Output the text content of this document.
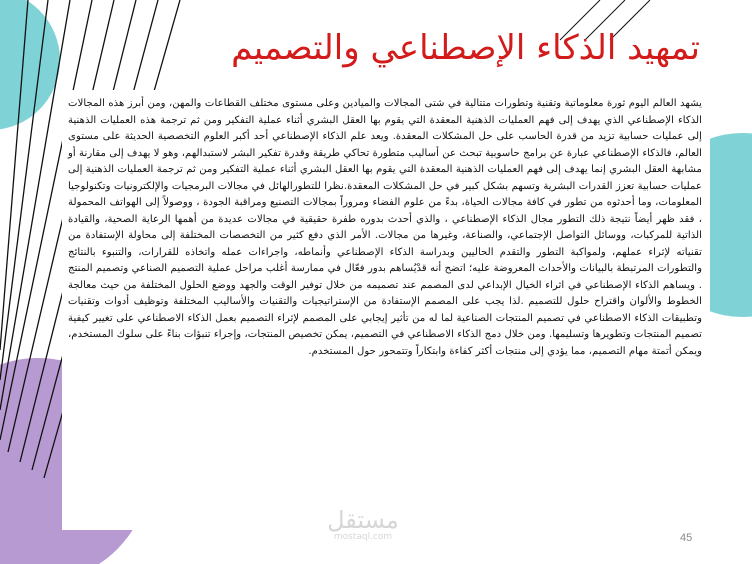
تمهيد الذكاء الإصطناعي والتصميم

يشهد العالم اليوم ثورة معلوماتية وتقنية وتطورات متتالية في شتى المجالات والميادين وعلى مستوى مختلف القطاعات والمهن، ومن أبرز هذه المجالات الذكاء الإصطناعي الذي يهدف إلى فهم العمليات الذهنية المعقدة التي يقوم بها العقل البشري أثناء عملية التفكير ومن ثم ترجمة هذه العمليات الذهنية إلى عمليات حسابية تزيد من قدرة الحاسب على حل المشكلات المعقدة. ويعد علم الذكاء الإصطناعي أحد أكبر العلوم التخصصية الحديثة على مستوى العالم، فالذكاء الإصطناعي عبارة عن برامج حاسوبية تبحث عن أساليب متطورة تحاكي طريقة وقدرة تفكير البشر لاستبدالهم، وهو لا يهدف إلى مقارنة أو مشابهة العقل البشري إنما يهدف إلى فهم العمليات الذهنية المعقدة التي يقوم بها العقل البشري أثناء عملية التفكير ومن ثم ترجمة العمليات الذهنية إلى عمليات حسابية تعزز القدرات البشرية وتسهم بشكل كبير في حل المشكلات المعقدة.نظرا للتطورالهائل في مجالات البرمجيات والإلكترونيات وتكنولوجيا المعلومات، وما أحدثوه من تطور في كافة مجالات الحياة، بدءً من علوم الفضاء ومروراً بمجالات التصنيع ومراقبة الجودة ، ووصولاً إلى الهواتف المحمولة ، فقد ظهر أيضاً نتيجة ذلك التطور مجال الذكاء الإصطناعي ، والذي أحدث بدوره طفرة حقيقية في مجالات عديدة من أهمها الرعاية الصحية، والقيادة الذاتية للمركبات، ووسائل التواصل الإجتماعي، والصناعة، وغيرها من مجالات. الأمر الذي دفع كثير من التخصصات المختلفة إلى محاولة الإستفادة من تقنياته لإثراء عملهم، ولمواكبة التطور والتقدم الحاليين وبدراسة الذكاء الإصطناعي وأنماطه، واجراءات عمله واتخاذه للقرارات، والتنبوء بالنتائج والتطورات المرتبطة بالبيانات والأحداث المعروضة عليه؛ اتضح أنه قدْيُساهم بدور فعّال في ممارسة أغلب مراحل عملية التصميم الصناعي وتصميم المنتج . ويساهم الذكاء الإصطناعي في اثراء الخيال الإبداعي لدى المصمم عند تصميمه من خلال توفير الوقت والجهد ووضع الحلول المختلفة من حيث معالجة الخطوط والألوان واقتراح حلول للتصميم .لذا يجب على المصمم الإستفادة من الإستراتيجيات والتقنيات والأساليب المختلفة وتوظيف أدوات وتقنيات وتطبيقات الذكاء الاصطناعي في تصميم المنتجات الصناعية لما له من تأثير إيجابي على المصمم لإثراء التصميم بعمل الذكاء الاصطناعي على تغيير كيفية تصميم المنتجات وتطويرها وتسليمها. ومن خلال دمج الذكاء الاصطناعي في التصميم، يمكن تخصيص المنتجات، وإجراء تنبؤات بناءً على سلوك المستخدم، ويمكن أتمتة مهام التصميم، مما يؤدي إلى منتجات أكثر كفاءة وابتكاراً وتتمحور حول المستخدم.

مستقل
mostaql.com	45
